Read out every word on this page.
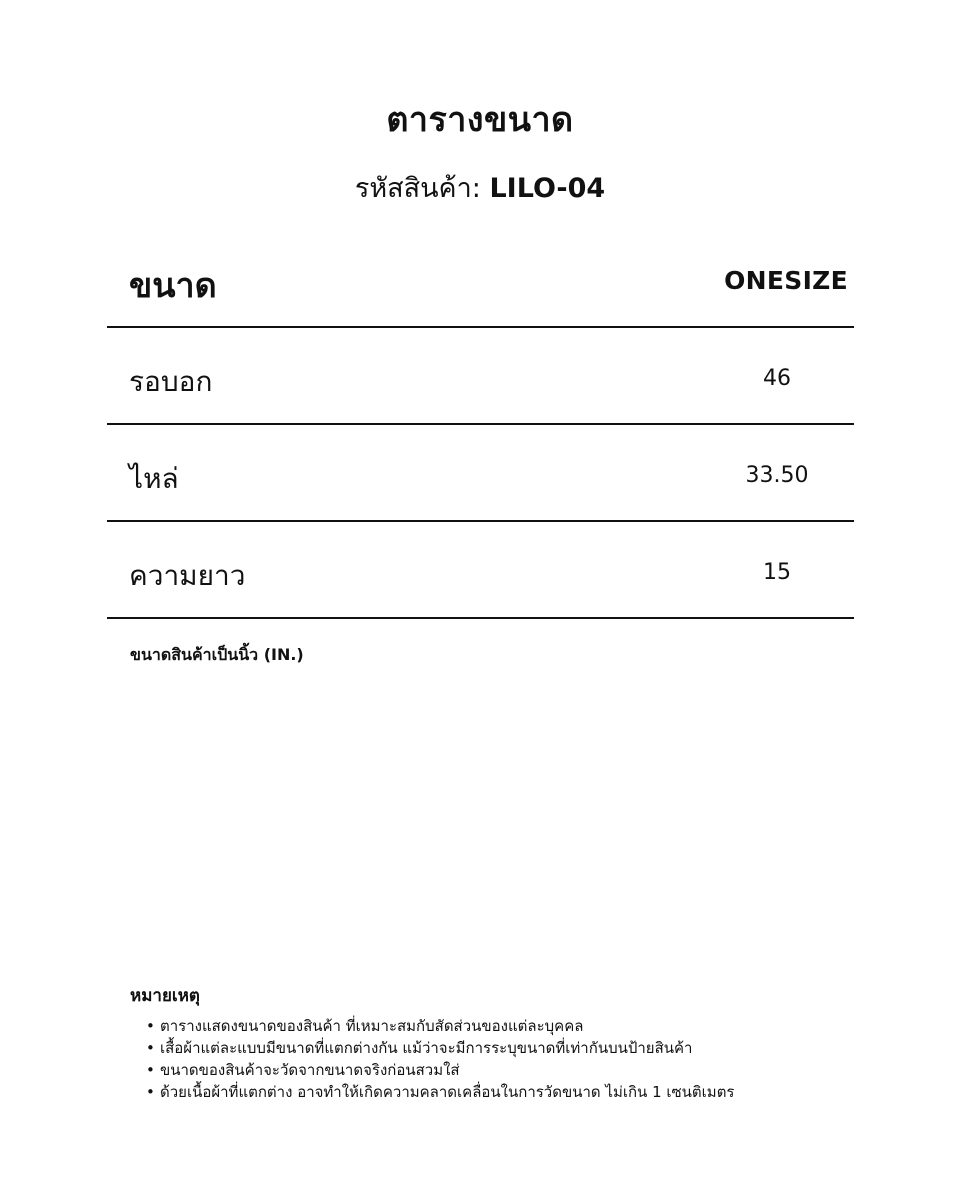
ตารางขนาด
รหัสสินค้า: LILO-04
ขนาด	ONESIZE
รอบอก	46
ไหล่	33.50
ความยาว	15
ขนาดสินค้าเป็นนิ้ว (IN.)
หมายเหตุ
• ตารางแสดงขนาดของสินค้า ที่เหมาะสมกับสัดส่วนของแต่ละบุคคล
• เสื้อผ้าแต่ละแบบมีขนาดที่แตกต่างกัน แม้ว่าจะมีการระบุขนาดที่เท่ากันบนป้ายสินค้า
• ขนาดของสินค้าจะวัดจากขนาดจริงก่อนสวมใส่
• ด้วยเนื้อผ้าที่แตกต่าง อาจทำให้เกิดความคลาดเคลื่อนในการวัดขนาด ไม่เกิน 1 เซนติเมตร
